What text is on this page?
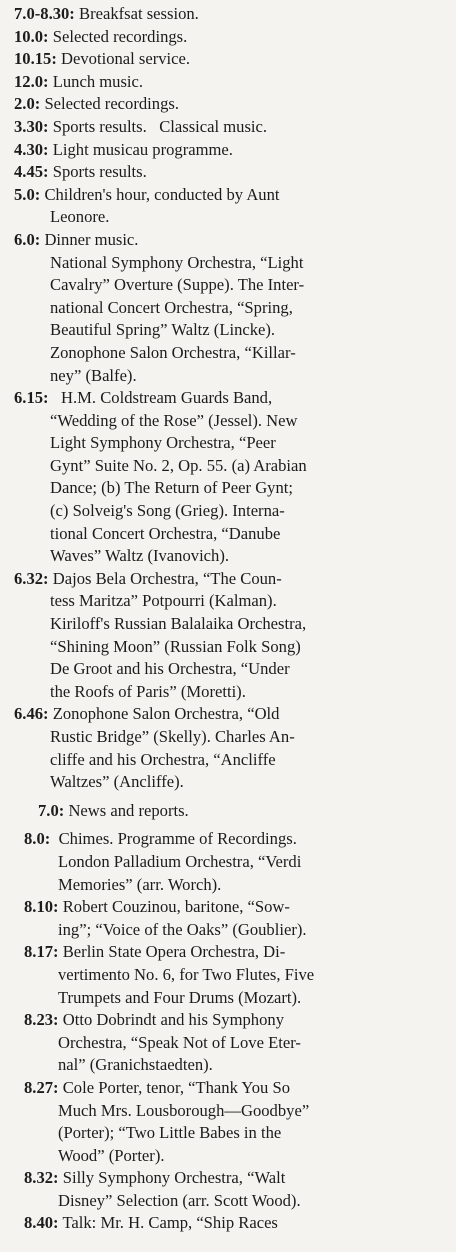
7.0-8.30: Breakfsat session.
10.0: Selected recordings.
10.15: Devotional service.
12.0: Lunch music.
2.0: Selected recordings.
3.30: Sports results.   Classical music.
4.30: Light musicau programme.
4.45: Sports results.
5.0: Children's hour, conducted by Aunt
Leonore.
6.0: Dinner music.
National Symphony Orchestra, “Light
Cavalry” Overture (Suppe). The Inter-
national Concert Orchestra, “Spring,
Beautiful Spring” Waltz (Lincke).
Zonophone Salon Orchestra, “Killar-
ney” (Balfe).
6.15: H.M. Coldstream Guards Band,
“Wedding of the Rose” (Jessel). New
Light Symphony Orchestra, “Peer
Gynt” Suite No. 2, Op. 55. (a) Arabian
Dance; (b) The Return of Peer Gynt;
(c) Solveig's Song (Grieg). Interna-
tional Concert Orchestra, “Danube
Waves” Waltz (Ivanovich).
6.32: Dajos Bela Orchestra, “The Coun-
tess Maritza” Potpourri (Kalman).
Kiriloff's Russian Balalaika Orchestra,
“Shining Moon” (Russian Folk Song)
De Groot and his Orchestra, “Under
the Roofs of Paris” (Moretti).
6.46: Zonophone Salon Orchestra, “Old
Rustic Bridge” (Skelly). Charles An-
cliffe and his Orchestra, “Ancliffe
Waltzes” (Ancliffe).
7.0: News and reports.
8.0: Chimes. Programme of Recordings.
London Palladium Orchestra, “Verdi
Memories” (arr. Worch).
8.10: Robert Couzinou, baritone, “Sow-
ing”; “Voice of the Oaks” (Goublier).
8.17: Berlin State Opera Orchestra, Di-
vertimento No. 6, for Two Flutes, Five
Trumpets and Four Drums (Mozart).
8.23: Otto Dobrindt and his Symphony
Orchestra, “Speak Not of Love Eter-
nal” (Granichstaedten).
8.27: Cole Porter, tenor, “Thank You So
Much Mrs. Lousborough—Goodbye”
(Porter); “Two Little Babes in the
Wood” (Porter).
8.32: Silly Symphony Orchestra, “Walt
Disney” Selection (arr. Scott Wood).
8.40: Talk: Mr. H. Camp, “Ship Races
